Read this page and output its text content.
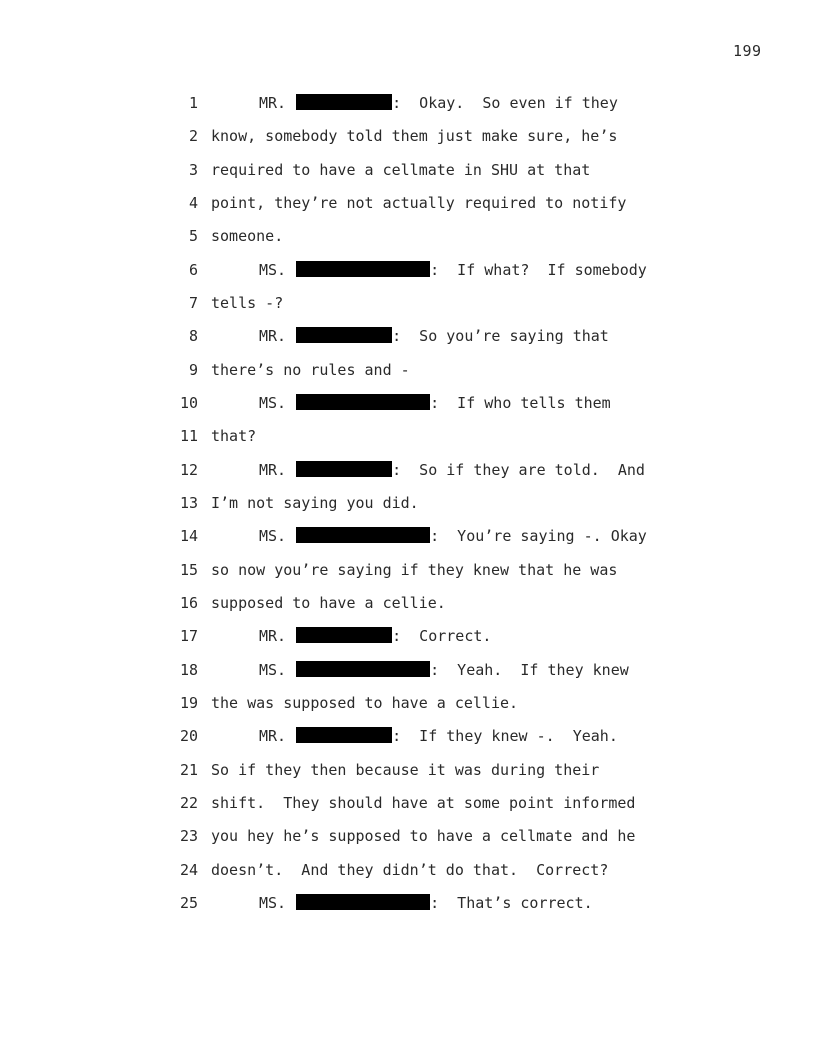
199
1	MR.	:  Okay.  So even if they
2 know, somebody told them just make sure, he’s
3 required to have a cellmate in SHU at that
4 point, they’re not actually required to notify
5 someone.
6	MS.	:  If what?  If somebody
7 tells -?
8	MR.	:  So you’re saying that
9 there’s no rules and -
10	MS.	:  If who tells them
11 that?
12	MR.	:  So if they are told.  And
13 I’m not saying you did.
14	MS.	:  You’re saying -. Okay
15 so now you’re saying if they knew that he was
16 supposed to have a cellie.
17	MR.	:  Correct.
18	MS.	:  Yeah.  If they knew
19 the was supposed to have a cellie.
20	MR.	:  If they knew -.  Yeah.
21 So if they then because it was during their
22 shift.  They should have at some point informed
23 you hey he’s supposed to have a cellmate and he
24 doesn’t.  And they didn’t do that.  Correct?
25	MS.	:  That’s correct.
